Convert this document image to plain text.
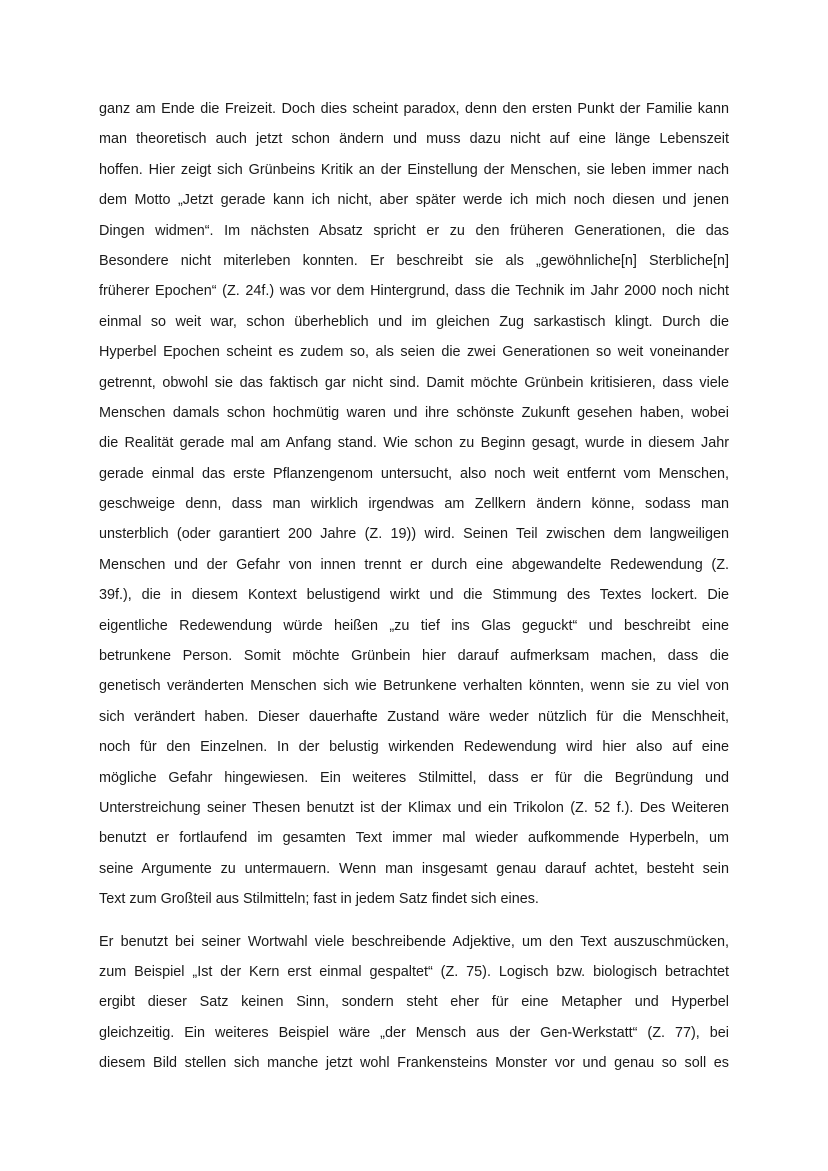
ganz am Ende die Freizeit. Doch dies scheint paradox, denn den ersten Punkt der Familie kann
man theoretisch auch jetzt schon ändern und muss dazu nicht auf eine länge Lebenszeit
hoffen. Hier zeigt sich Grünbeins Kritik an der Einstellung der Menschen, sie leben immer nach
dem Motto „Jetzt gerade kann ich nicht, aber später werde ich mich noch diesen und jenen
Dingen widmen“. Im nächsten Absatz spricht er zu den früheren Generationen, die das
Besondere nicht miterleben konnten. Er beschreibt sie als „gewöhnliche[n] Sterbliche[n]
früherer Epochen“ (Z. 24f.) was vor dem Hintergrund, dass die Technik im Jahr 2000 noch nicht
einmal so weit war, schon überheblich und im gleichen Zug sarkastisch klingt. Durch die
Hyperbel Epochen scheint es zudem so, als seien die zwei Generationen so weit voneinander
getrennt, obwohl sie das faktisch gar nicht sind. Damit möchte Grünbein kritisieren, dass viele
Menschen damals schon hochmütig waren und ihre schönste Zukunft gesehen haben, wobei
die Realität gerade mal am Anfang stand. Wie schon zu Beginn gesagt, wurde in diesem Jahr
gerade einmal das erste Pflanzengenom untersucht, also noch weit entfernt vom Menschen,
geschweige denn, dass man wirklich irgendwas am Zellkern ändern könne, sodass man
unsterblich (oder garantiert 200 Jahre (Z. 19)) wird. Seinen Teil zwischen dem langweiligen
Menschen und der Gefahr von innen trennt er durch eine abgewandelte Redewendung (Z.
39f.), die in diesem Kontext belustigend wirkt und die Stimmung des Textes lockert. Die
eigentliche Redewendung würde heißen „zu tief ins Glas geguckt“ und beschreibt eine
betrunkene Person. Somit möchte Grünbein hier darauf aufmerksam machen, dass die
genetisch veränderten Menschen sich wie Betrunkene verhalten könnten, wenn sie zu viel von
sich verändert haben. Dieser dauerhafte Zustand wäre weder nützlich für die Menschheit,
noch für den Einzelnen. In der belustig wirkenden Redewendung wird hier also auf eine
mögliche Gefahr hingewiesen. Ein weiteres Stilmittel, dass er für die Begründung und
Unterstreichung seiner Thesen benutzt ist der Klimax und ein Trikolon (Z. 52 f.). Des Weiteren
benutzt er fortlaufend im gesamten Text immer mal wieder aufkommende Hyperbeln, um
seine Argumente zu untermauern. Wenn man insgesamt genau darauf achtet, besteht sein
Text zum Großteil aus Stilmitteln; fast in jedem Satz findet sich eines.
Er benutzt bei seiner Wortwahl viele beschreibende Adjektive, um den Text auszuschmücken,
zum Beispiel „Ist der Kern erst einmal gespaltet“ (Z. 75). Logisch bzw. biologisch betrachtet
ergibt dieser Satz keinen Sinn, sondern steht eher für eine Metapher und Hyperbel
gleichzeitig. Ein weiteres Beispiel wäre „der Mensch aus der Gen-Werkstatt“ (Z. 77), bei
diesem Bild stellen sich manche jetzt wohl Frankensteins Monster vor und genau so soll es
